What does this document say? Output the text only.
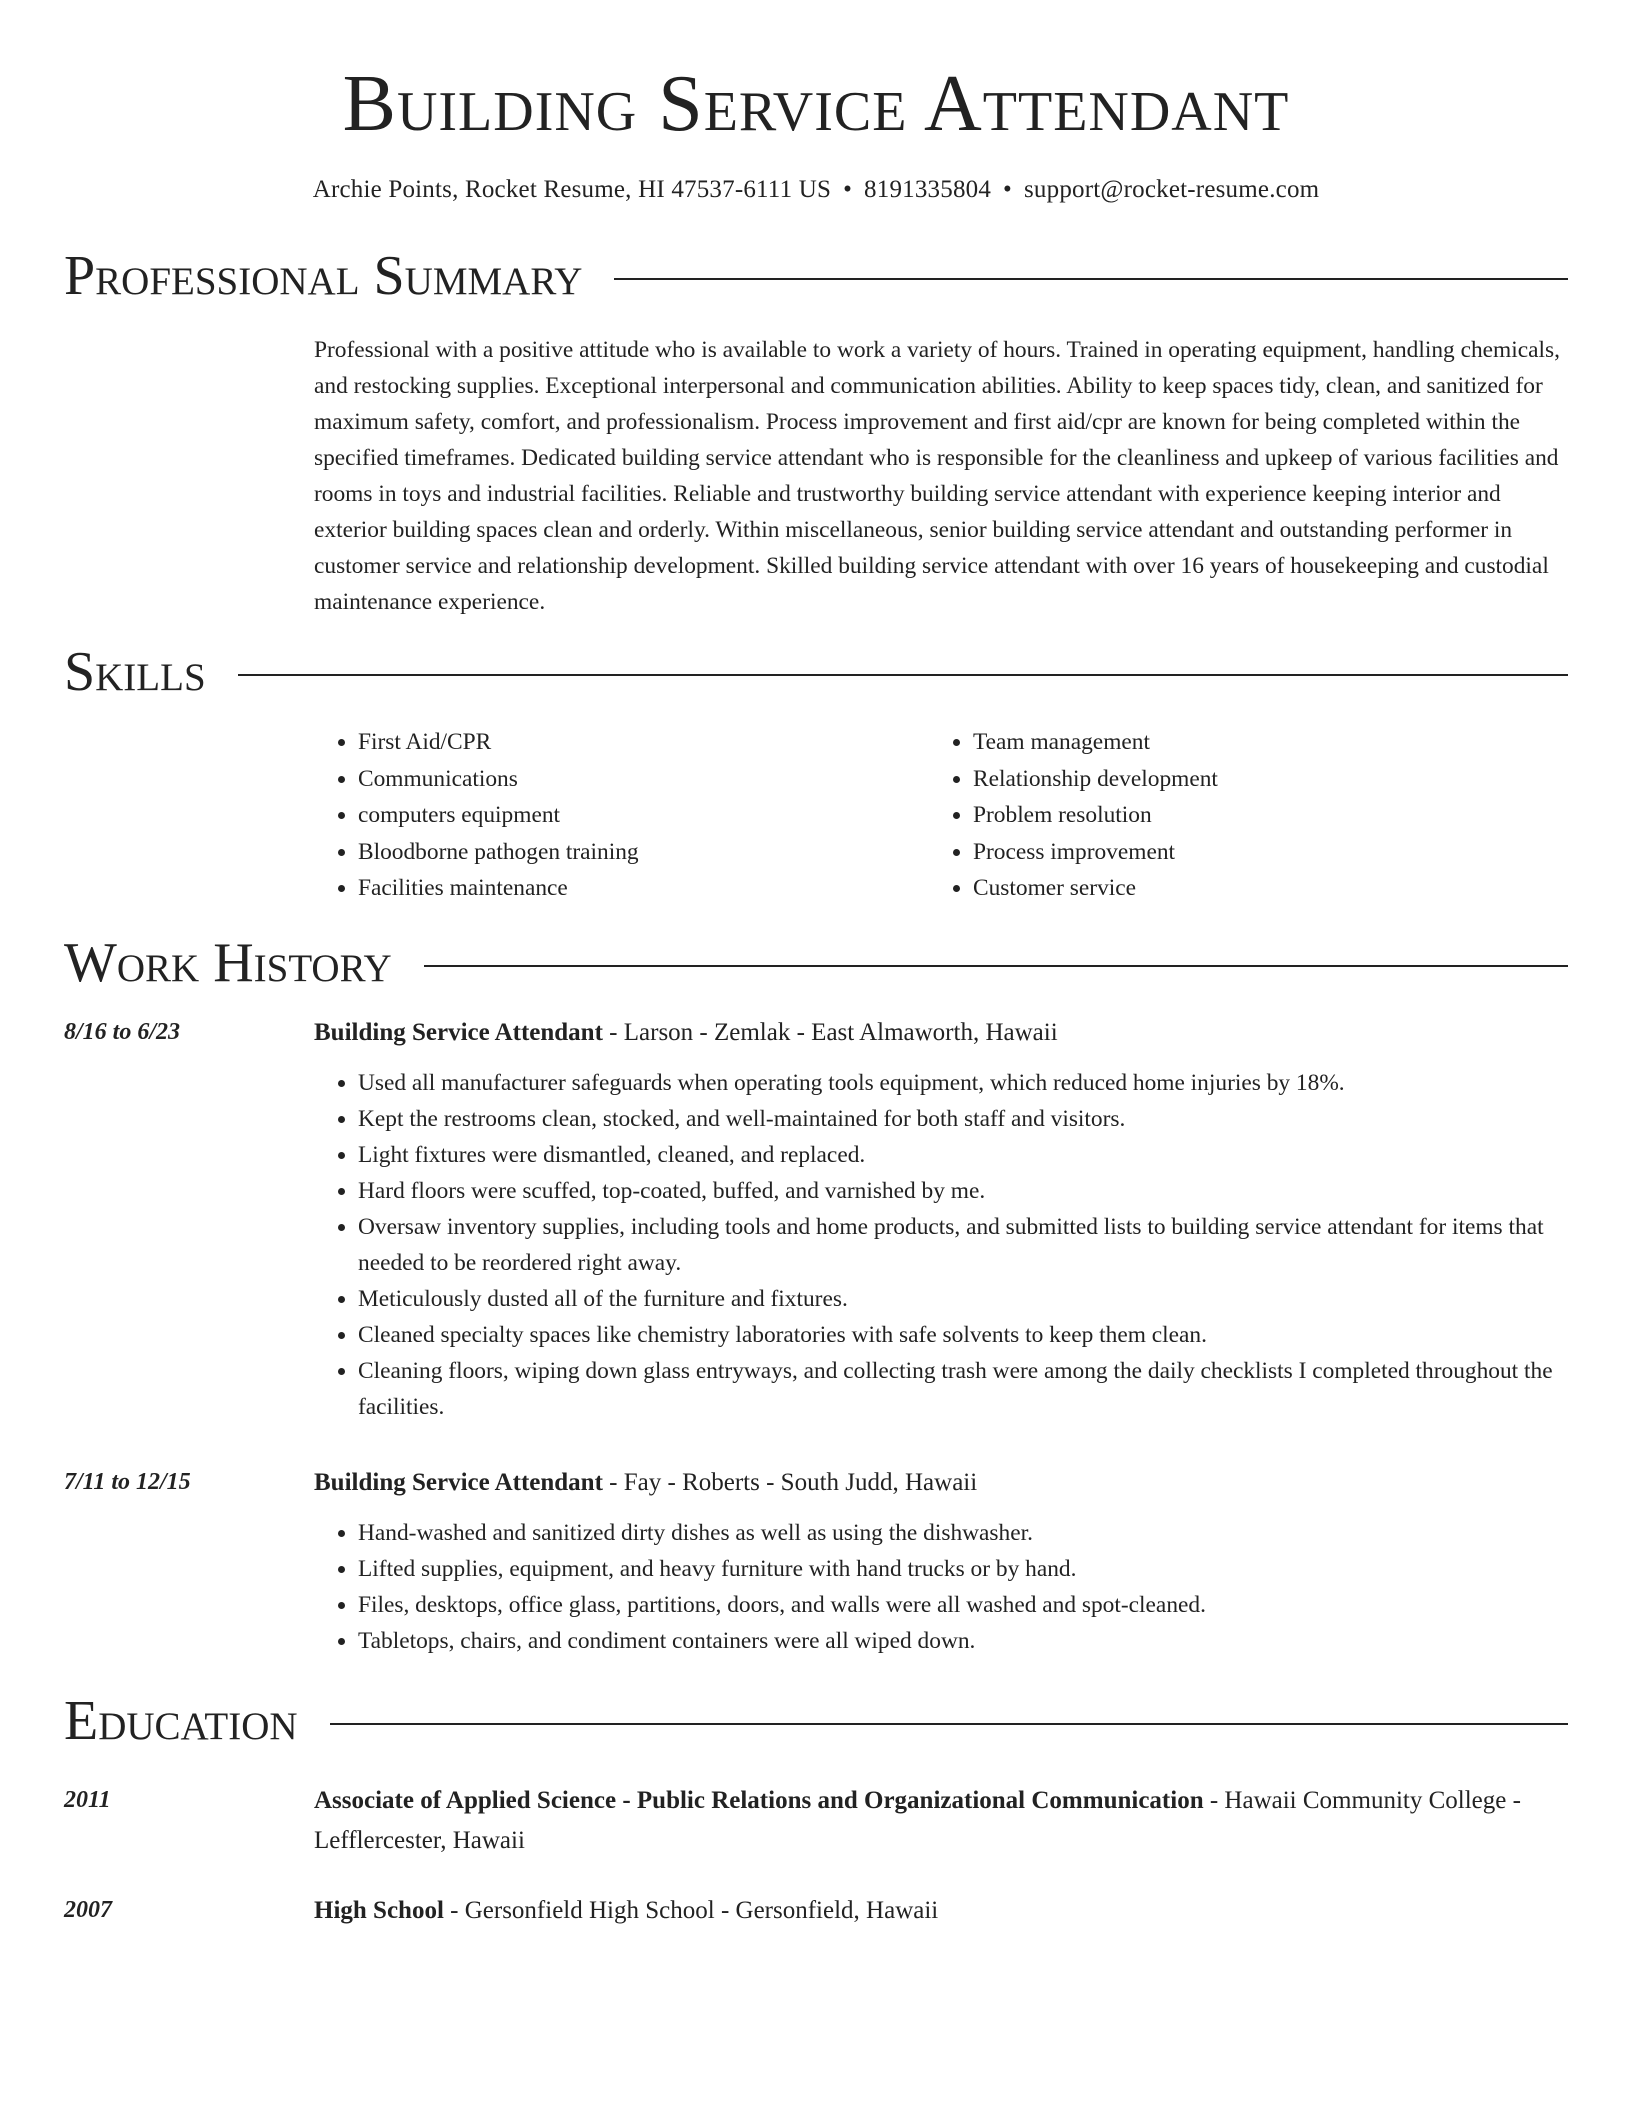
Building Service Attendant
Archie Points, Rocket Resume, HI 47537-6111 US • 8191335804 • support@rocket-resume.com
Professional Summary

Professional with a positive attitude who is available to work a variety of hours. Trained in operating equipment, handling chemicals, and restocking supplies. Exceptional interpersonal and communication abilities. Ability to keep spaces tidy, clean, and sanitized for maximum safety, comfort, and professionalism. Process improvement and first aid/cpr are known for being completed within the specified timeframes. Dedicated building service attendant who is responsible for the cleanliness and upkeep of various facilities and rooms in toys and industrial facilities. Reliable and trustworthy building service attendant with experience keeping interior and exterior building spaces clean and orderly. Within miscellaneous, senior building service attendant and outstanding performer in customer service and relationship development. Skilled building service attendant with over 16 years of housekeeping and custodial maintenance experience.

Skills
• First Aid/CPR
• Communications
• computers equipment
• Bloodborne pathogen training
• Facilities maintenance
• Team management
• Relationship development
• Problem resolution
• Process improvement
• Customer service
Work History
8/16 to 6/23	Building Service Attendant - Larson - Zemlak - East Almaworth, Hawaii
• Used all manufacturer safeguards when operating tools equipment, which reduced home injuries by 18%.
• Kept the restrooms clean, stocked, and well-maintained for both staff and visitors.
• Light fixtures were dismantled, cleaned, and replaced.
• Hard floors were scuffed, top-coated, buffed, and varnished by me.
• Oversaw inventory supplies, including tools and home products, and submitted lists to building service attendant for items that needed to be reordered right away.
• Meticulously dusted all of the furniture and fixtures.
• Cleaned specialty spaces like chemistry laboratories with safe solvents to keep them clean.
• Cleaning floors, wiping down glass entryways, and collecting trash were among the daily checklists I completed throughout the facilities.
7/11 to 12/15	Building Service Attendant - Fay - Roberts - South Judd, Hawaii
• Hand-washed and sanitized dirty dishes as well as using the dishwasher.
• Lifted supplies, equipment, and heavy furniture with hand trucks or by hand.
• Files, desktops, office glass, partitions, doors, and walls were all washed and spot-cleaned.
• Tabletops, chairs, and condiment containers were all wiped down.
Education
2011	Associate of Applied Science - Public Relations and Organizational Communication - Hawaii Community College - Lefflercester, Hawaii
2007	High School - Gersonfield High School - Gersonfield, Hawaii
